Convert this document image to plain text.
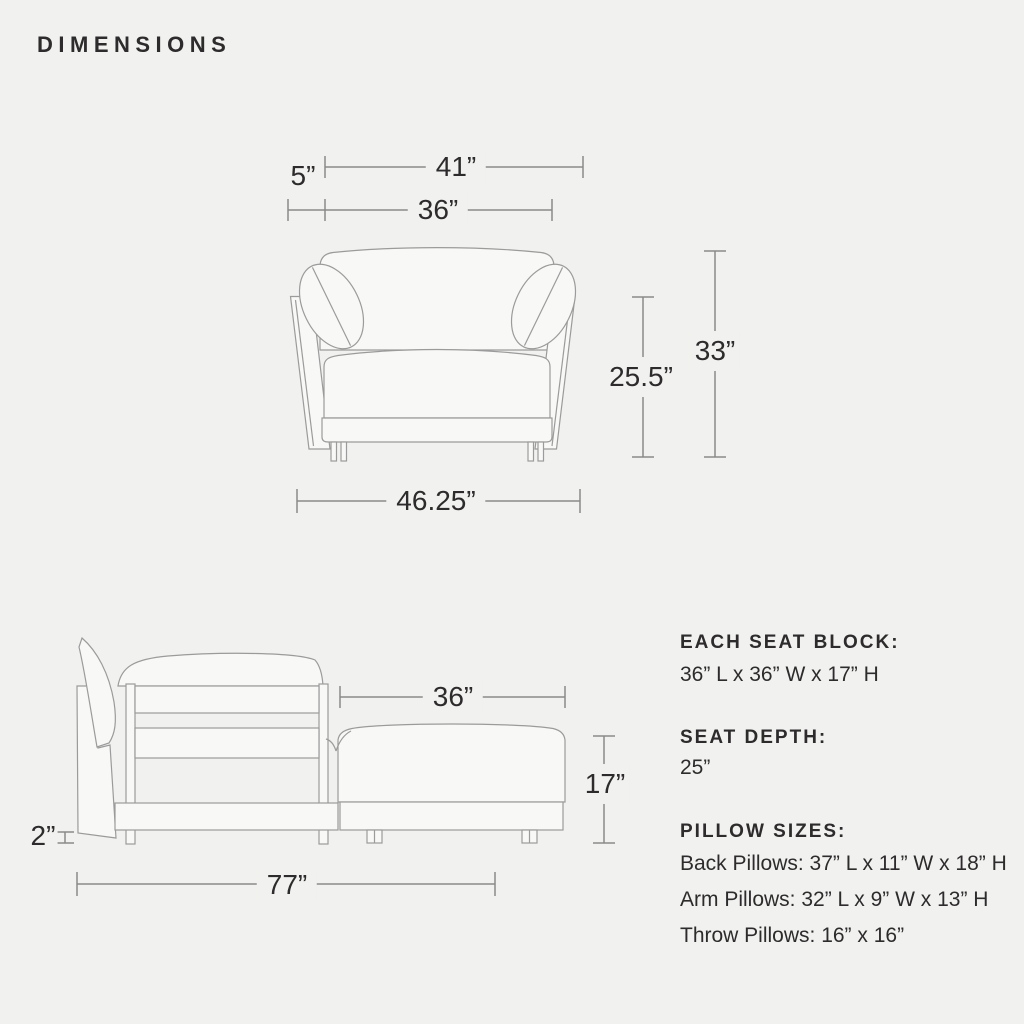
DIMENSIONS
5”	41”
36”
25.5”
33”
46.25”
36”
17”
2”
77”
EACH SEAT BLOCK:
36” L x 36” W x 17” H
SEAT DEPTH:
25”
PILLOW SIZES:
Back Pillows: 37” L x 11” W x 18” H
Arm Pillows: 32” L x 9” W x 13” H
Throw Pillows: 16” x 16”
